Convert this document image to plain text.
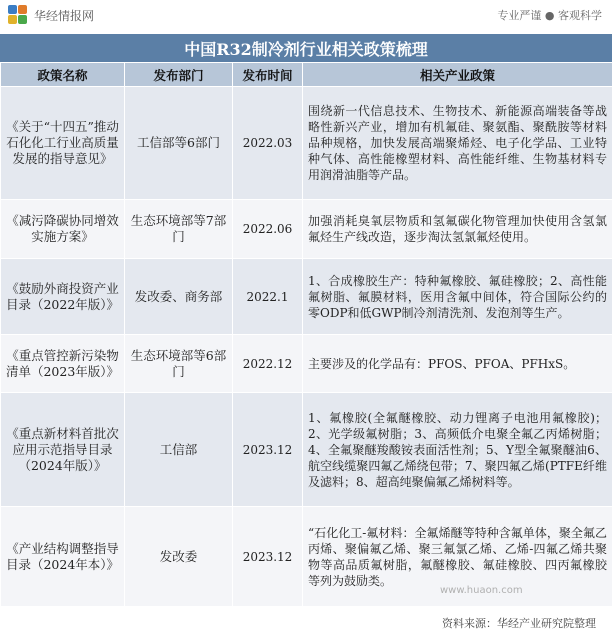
华经情报网	专业严谨 ● 客观科学
中国R32制冷剂行业相关政策梳理
政策名称	发布部门	发布时间	相关产业政策
《关于“十四五”推动石化化工行业高质量发展的指导意见》	工信部等6部门	2022.03	围绕新一代信息技术、生物技术、新能源高端装备等战略性新兴产业，增加有机氟硅、聚氨酯、聚酰胺等材料品种规格，加快发展高端聚烯烃、电子化学品、工业特种气体、高性能橡塑材料、高性能纤维、生物基材料专用润滑油脂等产品。
《减污降碳协同增效实施方案》	生态环境部等7部门	2022.06	加强消耗臭氧层物质和氢氟碳化物管理加快使用含氢氯氟烃生产线改造，逐步淘汰氢氯氟烃使用。
《鼓励外商投资产业目录（2022年版）》	发改委、商务部	2022.1	1、合成橡胶生产：特种氟橡胶、氟硅橡胶；2、高性能氟树脂、氟膜材料，医用含氟中间体，符合国际公约的零ODP和低GWP制冷剂清洗剂、发泡剂等生产。
《重点管控新污染物清单（2023年版）》	生态环境部等6部门	2022.12	主要涉及的化学品有：PFOS、PFOA、PFHxS。
《重点新材料首批次应用示范指导目录（2024年版）》	工信部	2023.12	1、氟橡胶(全氟醚橡胶、动力锂离子电池用氟橡胶)；2、光学级氟树脂；3、高频低介电聚全氟乙丙烯树脂；4、全氟聚醚羧酸铵表面活性剂；5、Y型全氟聚醚油6、航空线缆聚四氟乙烯绕包带；7、聚四氟乙烯(PTFE纤维及滤料；8、超高纯聚偏氟乙烯树料等。
《产业结构调整指导目录（2024年本）》	发改委	2023.12	“石化化工-氟材料：全氟烯醚等特种含氟单体，聚全氟乙丙烯、聚偏氟乙烯、聚三氟氯乙烯、乙烯-四氟乙烯共聚物等高品质氟树脂，氟醚橡胶、氟硅橡胶、四丙氟橡胶等列为鼓励类。
www.huaon.com
资料来源：华经产业研究院整理
